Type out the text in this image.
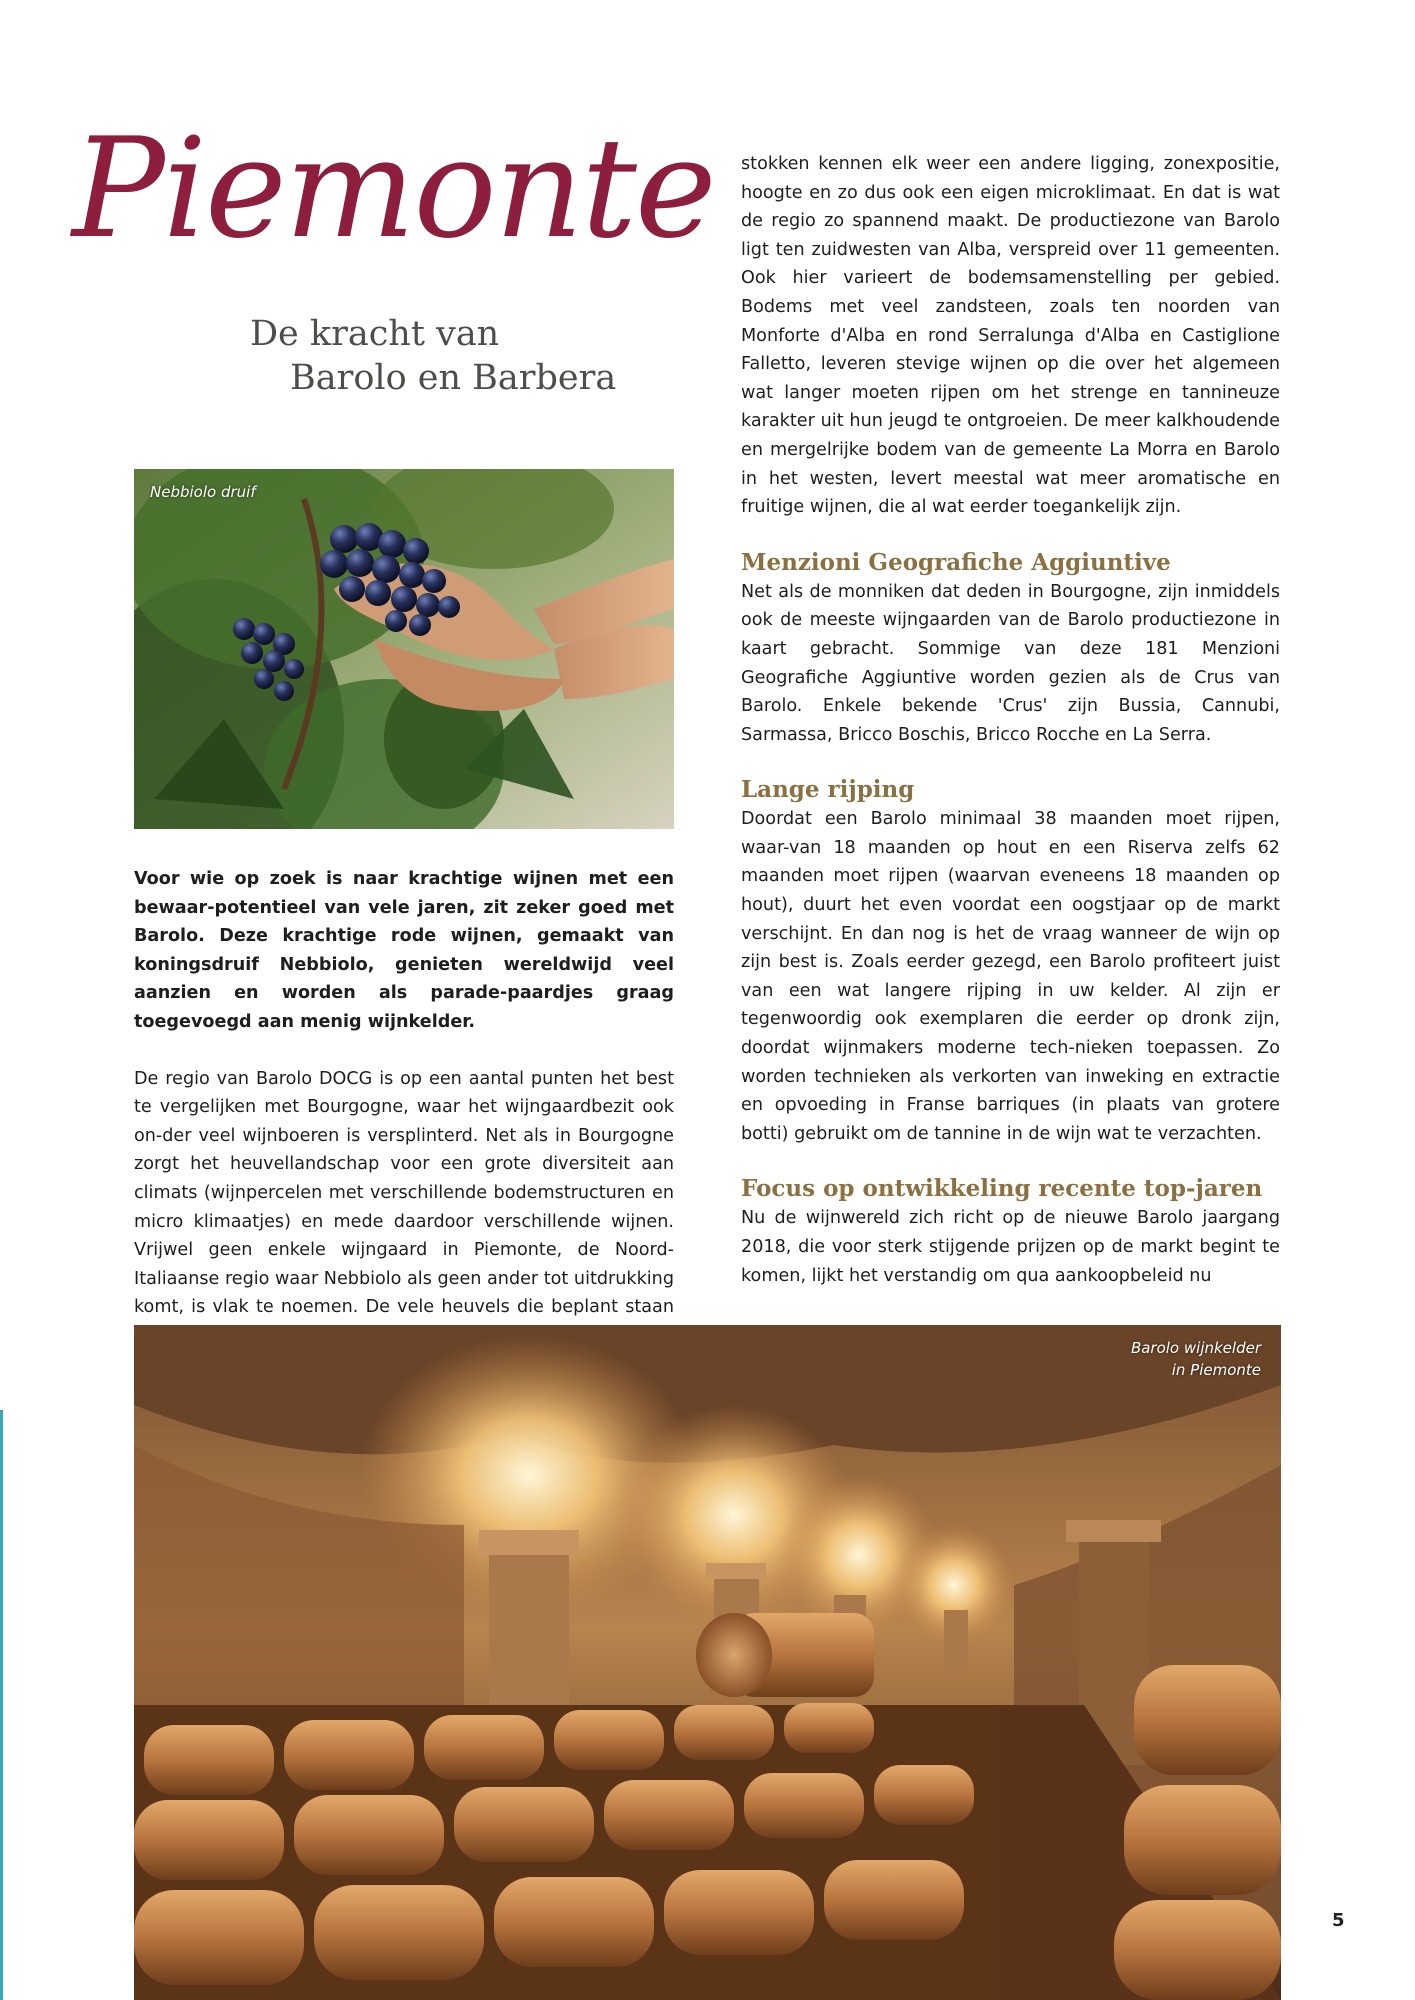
Piemonte
De kracht van
Barolo en Barbera
Nebbiolo druif

Voor wie op zoek is naar krachtige wijnen met een bewaar-potentieel van vele jaren, zit zeker goed met Barolo. Deze krachtige rode wijnen, gemaakt van koningsdruif Nebbiolo, genieten wereldwijd veel aanzien en worden als parade-paardjes graag toegevoegd aan menig wijnkelder.

De regio van Barolo DOCG is op een aantal punten het best te vergelijken met Bourgogne, waar het wijngaardbezit ook on-der veel wijnboeren is versplinterd. Net als in Bourgogne zorgt het heuvellandschap voor een grote diversiteit aan climats (wijnpercelen met verschillende bodemstructuren en micro klimaatjes) en mede daardoor verschillende wijnen. Vrijwel geen enkele wijngaard in Piemonte, de Noord-Italiaanse regio waar Nebbiolo als geen ander tot uitdrukking komt, is vlak te noemen. De vele heuvels die beplant staan

stokken kennen elk weer een andere ligging, zonexpositie, hoogte en zo dus ook een eigen microklimaat. En dat is wat de regio zo spannend maakt. De productiezone van Barolo ligt ten zuidwesten van Alba, verspreid over 11 gemeenten. Ook hier varieert de bodemsamenstelling per gebied. Bodems met veel zandsteen, zoals ten noorden van Monforte d'Alba en rond Serralunga d'Alba en Castiglione Falletto, leveren stevige wijnen op die over het algemeen wat langer moeten rijpen om het strenge en tannineuze karakter uit hun jeugd te ontgroeien. De meer kalkhoudende en mergelrijke bodem van de gemeente La Morra en Barolo in het westen, levert meestal wat meer aromatische en fruitige wijnen, die al wat eerder toegankelijk zijn.

Menzioni Geografiche Aggiuntive

Net als de monniken dat deden in Bourgogne, zijn inmiddels ook de meeste wijngaarden van de Barolo productiezone in kaart gebracht. Sommige van deze 181 Menzioni Geografiche Aggiuntive worden gezien als de Crus van Barolo. Enkele bekende 'Crus' zijn Bussia, Cannubi, Sarmassa, Bricco Boschis, Bricco Rocche en La Serra.

Lange rijping

Doordat een Barolo minimaal 38 maanden moet rijpen, waar-van 18 maanden op hout en een Riserva zelfs 62 maanden moet rijpen (waarvan eveneens 18 maanden op hout), duurt het even voordat een oogstjaar op de markt verschijnt. En dan nog is het de vraag wanneer de wijn op zijn best is. Zoals eerder gezegd, een Barolo profiteert juist van een wat langere rijping in uw kelder. Al zijn er tegenwoordig ook exemplaren die eerder op dronk zijn, doordat wijnmakers moderne tech-nieken toepassen. Zo worden technieken als verkorten van inweking en extractie en opvoeding in Franse barriques (in plaats van grotere botti) gebruikt om de tannine in de wijn wat te verzachten.

Focus op ontwikkeling recente top-jaren

Nu de wijnwereld zich richt op de nieuwe Barolo jaargang 2018, die voor sterk stijgende prijzen op de markt begint te komen, lijkt het verstandig om qua aankoopbeleid nu

Barolo wijnkelder
in Piemonte
5
